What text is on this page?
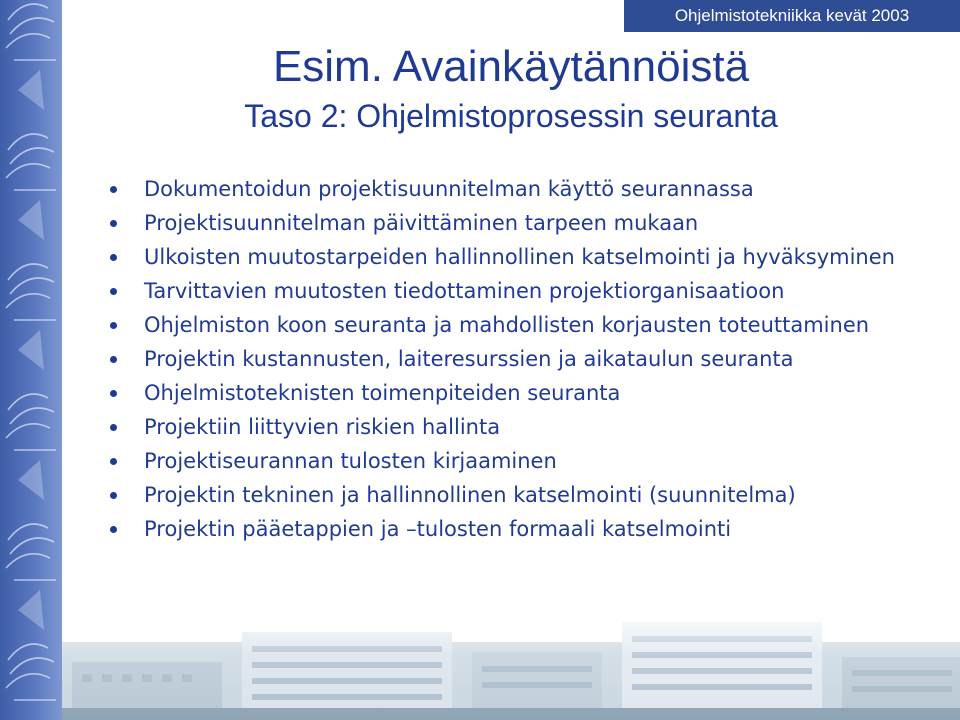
Ohjelmistotekniikka kevät 2003
Esim. Avainkäytännöistä
Taso 2: Ohjelmistoprosessin seuranta
Dokumentoidun projektisuunnitelman käyttö seurannassa
Projektisuunnitelman päivittäminen tarpeen mukaan
Ulkoisten muutostarpeiden hallinnollinen katselmointi ja hyväksyminen
Tarvittavien muutosten tiedottaminen projektiorganisaatioon
Ohjelmiston koon seuranta ja mahdollisten korjausten toteuttaminen
Projektin kustannusten, laiteresurssien ja aikataulun seuranta
Ohjelmistoteknisten toimenpiteiden seuranta
Projektiin liittyvien riskien hallinta
Projektiseurannan tulosten kirjaaminen
Projektin tekninen ja hallinnollinen katselmointi (suunnitelma)
Projektin pääetappien ja –tulosten formaali katselmointi
